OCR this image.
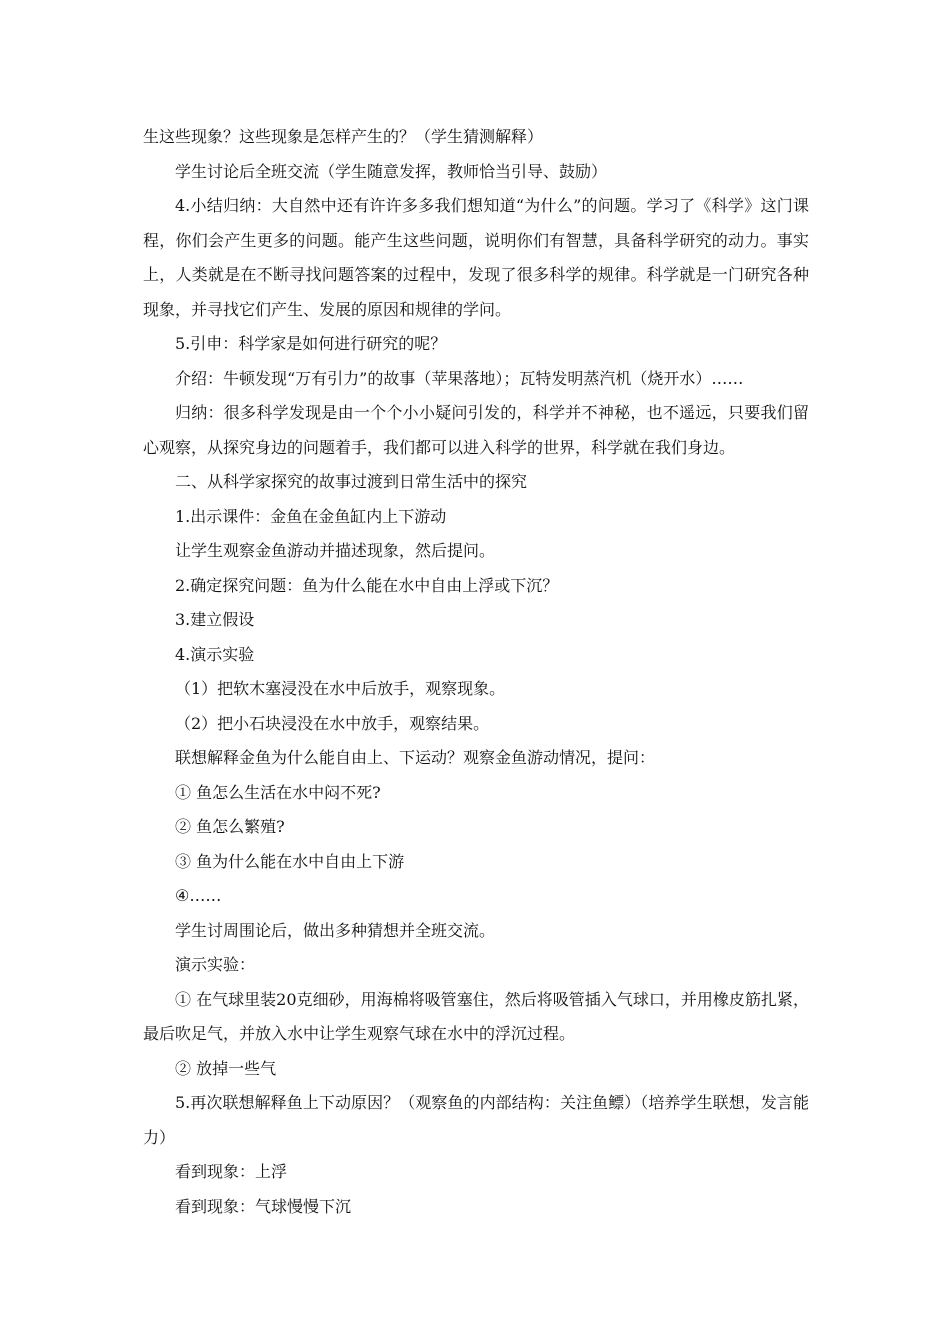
生这些现象？这些现象是怎样产生的？（学生猜测解释）

学生讨论后全班交流（学生随意发挥，教师恰当引导、鼓励）

4.小结归纳：大自然中还有许许多多我们想知道“为什么”的问题。学习了《科学》这门课程，你们会产生更多的问题。能产生这些问题，说明你们有智慧，具备科学研究的动力。事实上，人类就是在不断寻找问题答案的过程中，发现了很多科学的规律。科学就是一门研究各种现象，并寻找它们产生、发展的原因和规律的学问。

5.引申：科学家是如何进行研究的呢？

介绍：牛顿发现“万有引力”的故事（苹果落地）；瓦特发明蒸汽机（烧开水）……

归纳：很多科学发现是由一个个小小疑问引发的，科学并不神秘，也不遥远，只要我们留心观察，从探究身边的问题着手，我们都可以进入科学的世界，科学就在我们身边。

二、从科学家探究的故事过渡到日常生活中的探究

1.出示课件：金鱼在金鱼缸内上下游动

让学生观察金鱼游动并描述现象，然后提问。

2.确定探究问题：鱼为什么能在水中自由上浮或下沉？

3.建立假设

4.演示实验

（1）把软木塞浸没在水中后放手，观察现象。

（2）把小石块浸没在水中放手，观察结果。

联想解释金鱼为什么能自由上、下运动？观察金鱼游动情况，提问：

① 鱼怎么生活在水中闷不死?

② 鱼怎么繁殖?

③ 鱼为什么能在水中自由上下游

④……

学生讨周围论后，做出多种猜想并全班交流。

演示实验：

① 在气球里装20克细砂，用海棉将吸管塞住，然后将吸管插入气球口，并用橡皮筋扎紧，最后吹足气，并放入水中让学生观察气球在水中的浮沉过程。

② 放掉一些气

5.再次联想解释鱼上下动原因？（观察鱼的内部结构：关注鱼鳔）（培养学生联想，发言能力）

看到现象：上浮

看到现象：气球慢慢下沉
